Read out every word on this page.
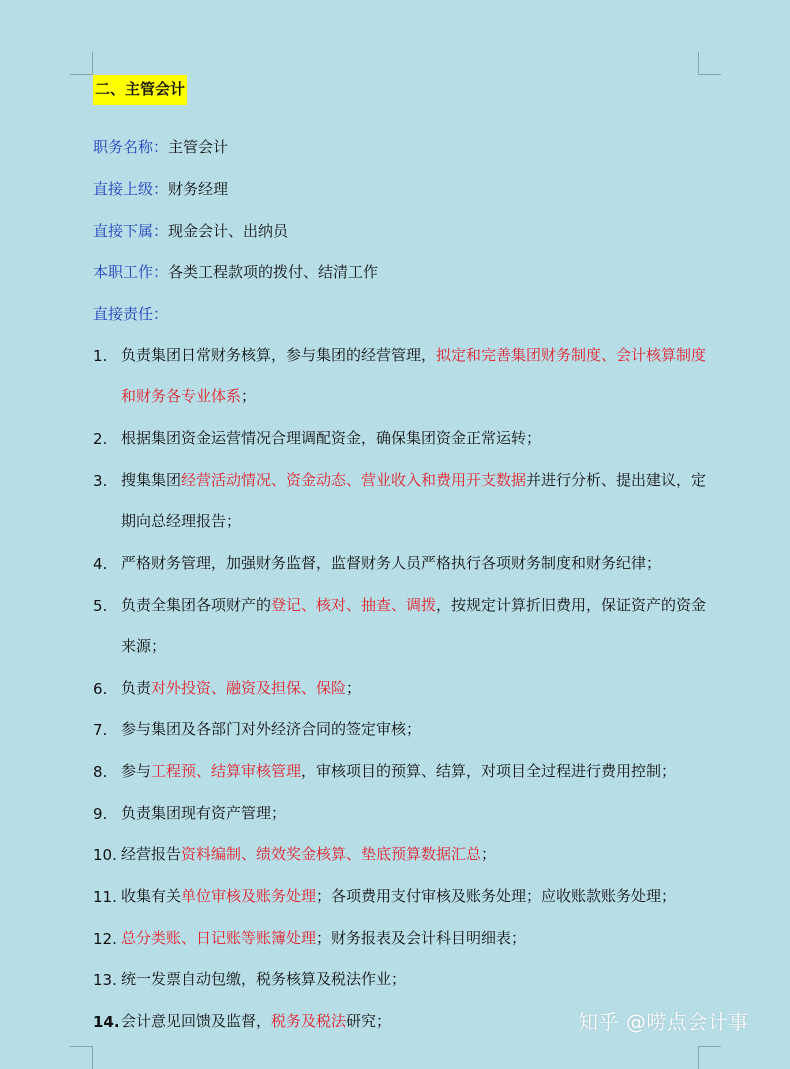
二、主管会计
职务名称：主管会计
直接上级：财务经理
直接下属：现金会计、出纳员
本职工作：各类工程款项的拨付、结清工作
直接责任：
1. 负责集团日常财务核算，参与集团的经营管理，拟定和完善集团财务制度、会计核算制度和财务各专业体系；
2. 根据集团资金运营情况合理调配资金，确保集团资金正常运转；
3. 搜集集团经营活动情况、资金动态、营业收入和费用开支数据并进行分析、提出建议，定期向总经理报告；
4. 严格财务管理，加强财务监督，监督财务人员严格执行各项财务制度和财务纪律；
5. 负责全集团各项财产的登记、核对、抽查、调拨，按规定计算折旧费用，保证资产的资金来源；
6. 负责对外投资、融资及担保、保险；
7. 参与集团及各部门对外经济合同的签定审核；
8. 参与工程预、结算审核管理，审核项目的预算、结算，对项目全过程进行费用控制；
9. 负责集团现有资产管理；
10. 经营报告资料编制、绩效奖金核算、垫底预算数据汇总；
11. 收集有关单位审核及账务处理；各项费用支付审核及账务处理；应收账款账务处理；
12. 总分类账、日记账等账簿处理；财务报表及会计科目明细表；
13. 统一发票自动包缴，税务核算及税法作业；
14. 会计意见回馈及监督，税务及税法研究；	知乎 @唠点会计事
